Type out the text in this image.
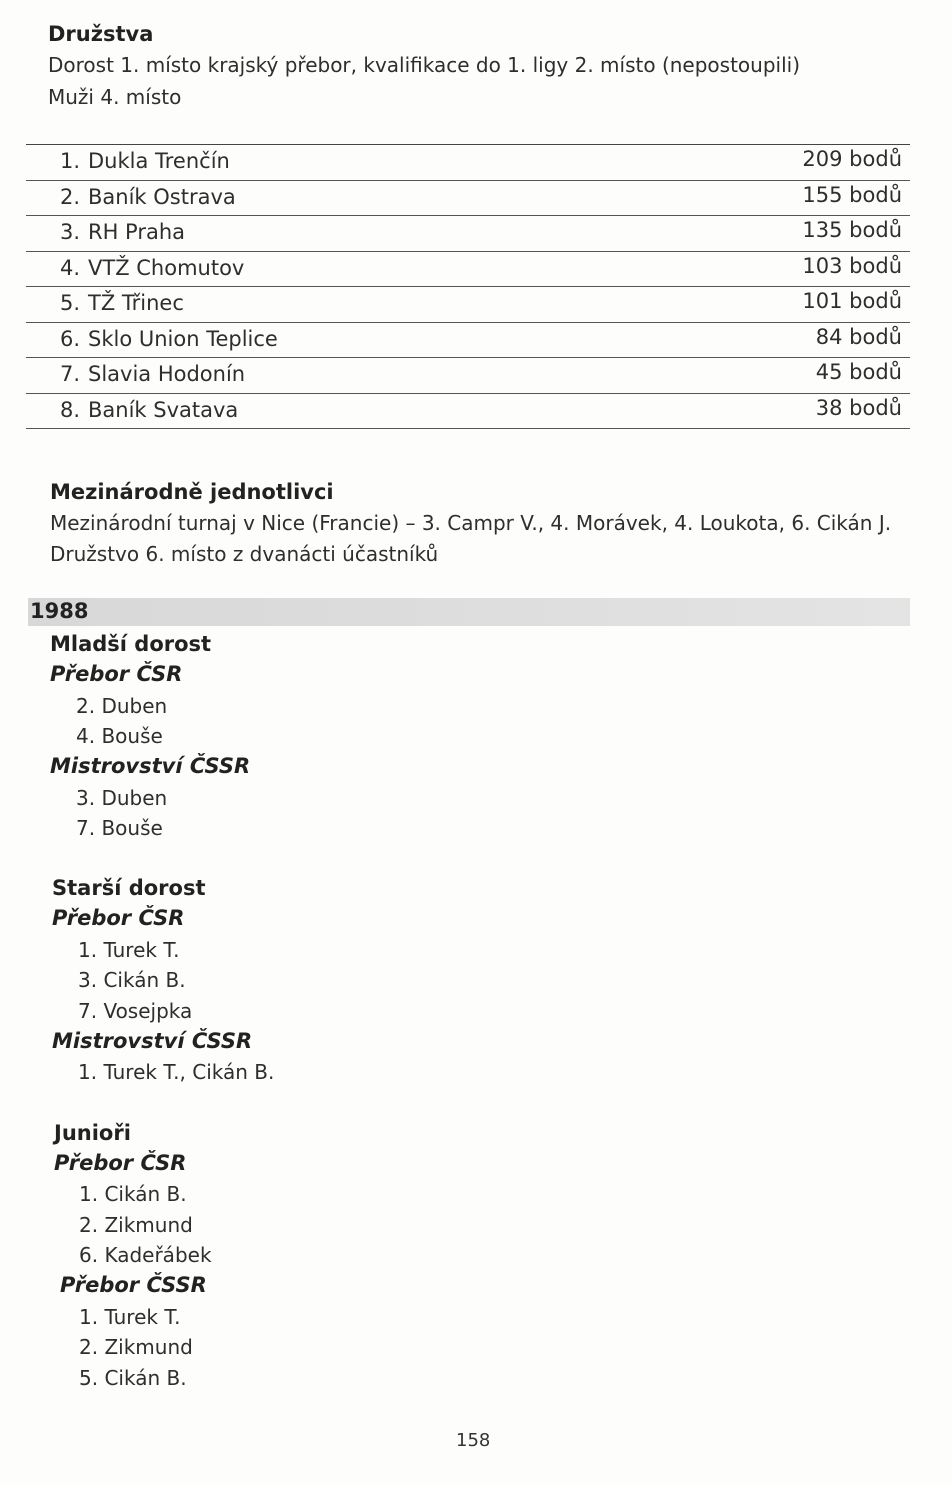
Družstva
Dorost 1. místo krajský přebor, kvalifikace do 1. ligy 2. místo (nepostoupili)
Muži 4. místo
1. Dukla Trenčín	209 bodů
2. Baník Ostrava	155 bodů
3. RH Praha	135 bodů
4. VTŽ Chomutov	103 bodů
5. TŽ Třinec	101 bodů
6. Sklo Union Teplice	84 bodů
7. Slavia Hodonín	45 bodů
8. Baník Svatava	38 bodů
Mezinárodně jednotlivci
Mezinárodní turnaj v Nice (Francie) – 3. Campr V., 4. Morávek, 4. Loukota, 6. Cikán J.
Družstvo 6. místo z dvanácti účastníků
1988
Mladší dorost
Přebor ČSR
2. Duben
4. Bouše
Mistrovství ČSSR
3. Duben
7. Bouše
Starší dorost
Přebor ČSR
1. Turek T.
3. Cikán B.
7. Vosejpka
Mistrovství ČSSR
1. Turek T., Cikán B.
Junioři
Přebor ČSR
1. Cikán B.
2. Zikmund
6. Kadeřábek
Přebor ČSSR
1. Turek T.
2. Zikmund
5. Cikán B.
158
